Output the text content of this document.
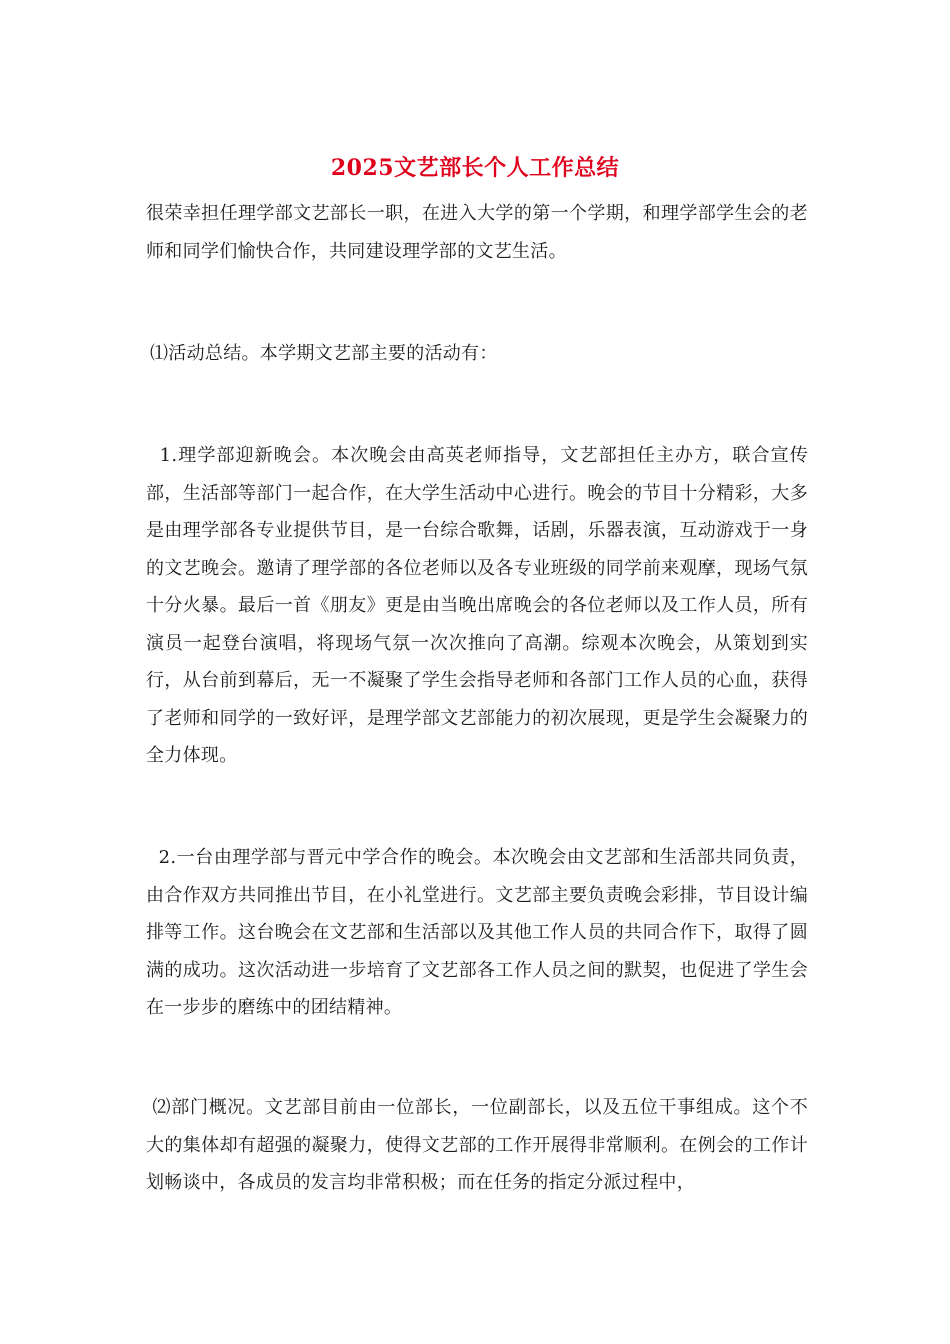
2025文艺部长个人工作总结

很荣幸担任理学部文艺部长一职，在进入大学的第一个学期，和理学部学生会的老师和同学们愉快合作，共同建设理学部的文艺生活。

⑴活动总结。本学期文艺部主要的活动有：

1.理学部迎新晚会。本次晚会由高英老师指导，文艺部担任主办方，联合宣传部，生活部等部门一起合作，在大学生活动中心进行。晚会的节目十分精彩，大多是由理学部各专业提供节目，是一台综合歌舞，话剧，乐器表演，互动游戏于一身的文艺晚会。邀请了理学部的各位老师以及各专业班级的同学前来观摩，现场气氛十分火暴。最后一首《朋友》更是由当晚出席晚会的各位老师以及工作人员，所有演员一起登台演唱，将现场气氛一次次推向了高潮。综观本次晚会，从策划到实行，从台前到幕后，无一不凝聚了学生会指导老师和各部门工作人员的心血，获得了老师和同学的一致好评，是理学部文艺部能力的初次展现，更是学生会凝聚力的全力体现。

2.一台由理学部与晋元中学合作的晚会。本次晚会由文艺部和生活部共同负责，由合作双方共同推出节目，在小礼堂进行。文艺部主要负责晚会彩排，节目设计编排等工作。这台晚会在文艺部和生活部以及其他工作人员的共同合作下，取得了圆满的成功。这次活动进一步培育了文艺部各工作人员之间的默契，也促进了学生会在一步步的磨练中的团结精神。

⑵部门概况。文艺部目前由一位部长，一位副部长，以及五位干事组成。这个不大的集体却有超强的凝聚力，使得文艺部的工作开展得非常顺利。在例会的工作计划畅谈中，各成员的发言均非常积极；而在任务的指定分派过程中，
